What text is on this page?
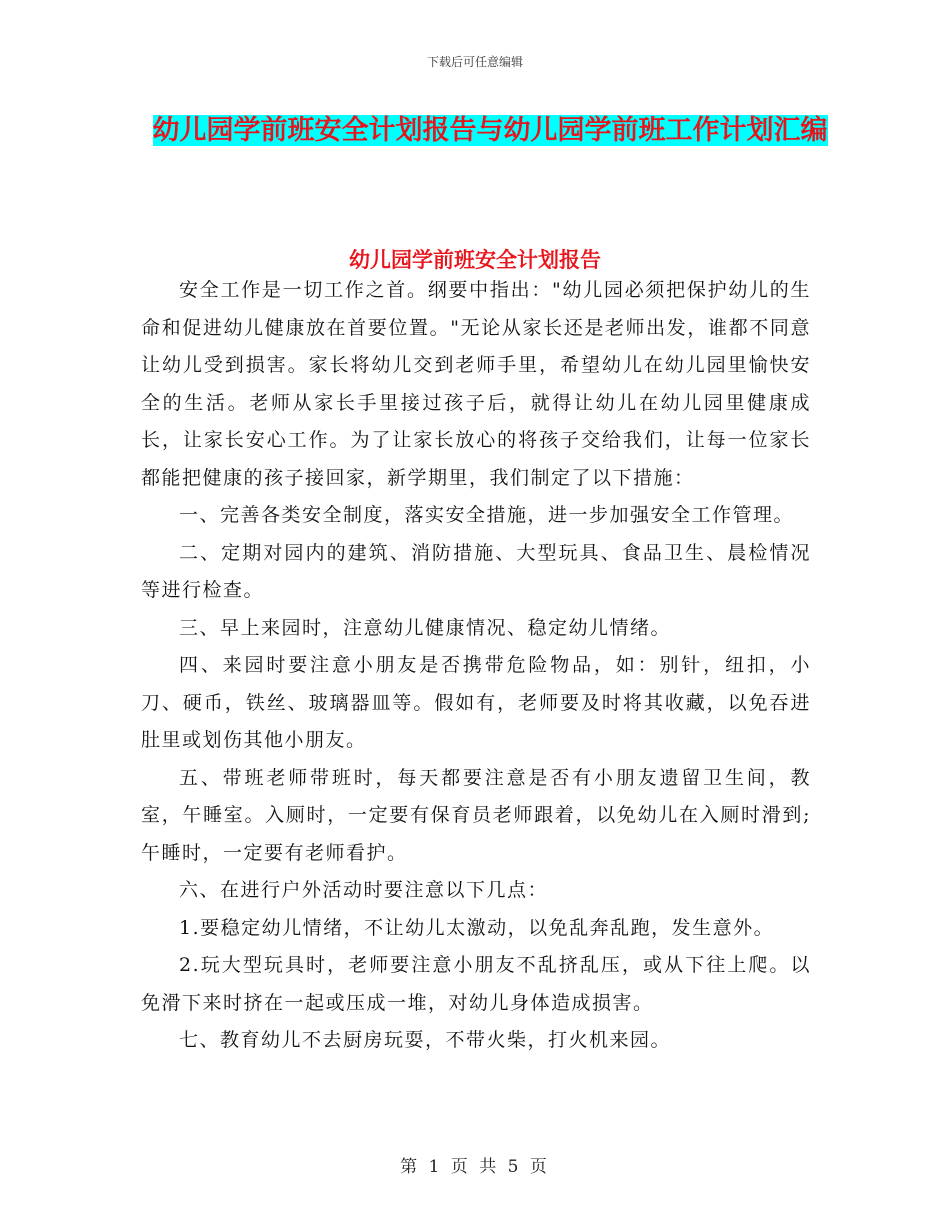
下载后可任意编辑
幼儿园学前班安全计划报告与幼儿园学前班工作计划汇编
幼儿园学前班安全计划报告

安全工作是一切工作之首。纲要中指出："幼儿园必须把保护幼儿的生命和促进幼儿健康放在首要位置。"无论从家长还是老师出发，谁都不同意让幼儿受到损害。家长将幼儿交到老师手里，希望幼儿在幼儿园里愉快安全的生活。老师从家长手里接过孩子后，就得让幼儿在幼儿园里健康成长，让家长安心工作。为了让家长放心的将孩子交给我们，让每一位家长都能把健康的孩子接回家，新学期里，我们制定了以下措施：

一、完善各类安全制度，落实安全措施，进一步加强安全工作管理。

二、定期对园内的建筑、消防措施、大型玩具、食品卫生、晨检情况等进行检查。

三、早上来园时，注意幼儿健康情况、稳定幼儿情绪。

四、来园时要注意小朋友是否携带危险物品，如：别针，纽扣，小刀、硬币，铁丝、玻璃器皿等。假如有，老师要及时将其收藏，以免吞进肚里或划伤其他小朋友。

五、带班老师带班时，每天都要注意是否有小朋友遗留卫生间，教室，午睡室。入厕时，一定要有保育员老师跟着，以免幼儿在入厕时滑到;午睡时，一定要有老师看护。

六、在进行户外活动时要注意以下几点：

1.要稳定幼儿情绪，不让幼儿太激动，以免乱奔乱跑，发生意外。

2.玩大型玩具时，老师要注意小朋友不乱挤乱压，或从下往上爬。以免滑下来时挤在一起或压成一堆，对幼儿身体造成损害。

七、教育幼儿不去厨房玩耍，不带火柴，打火机来园。

第 1 页 共 5 页
